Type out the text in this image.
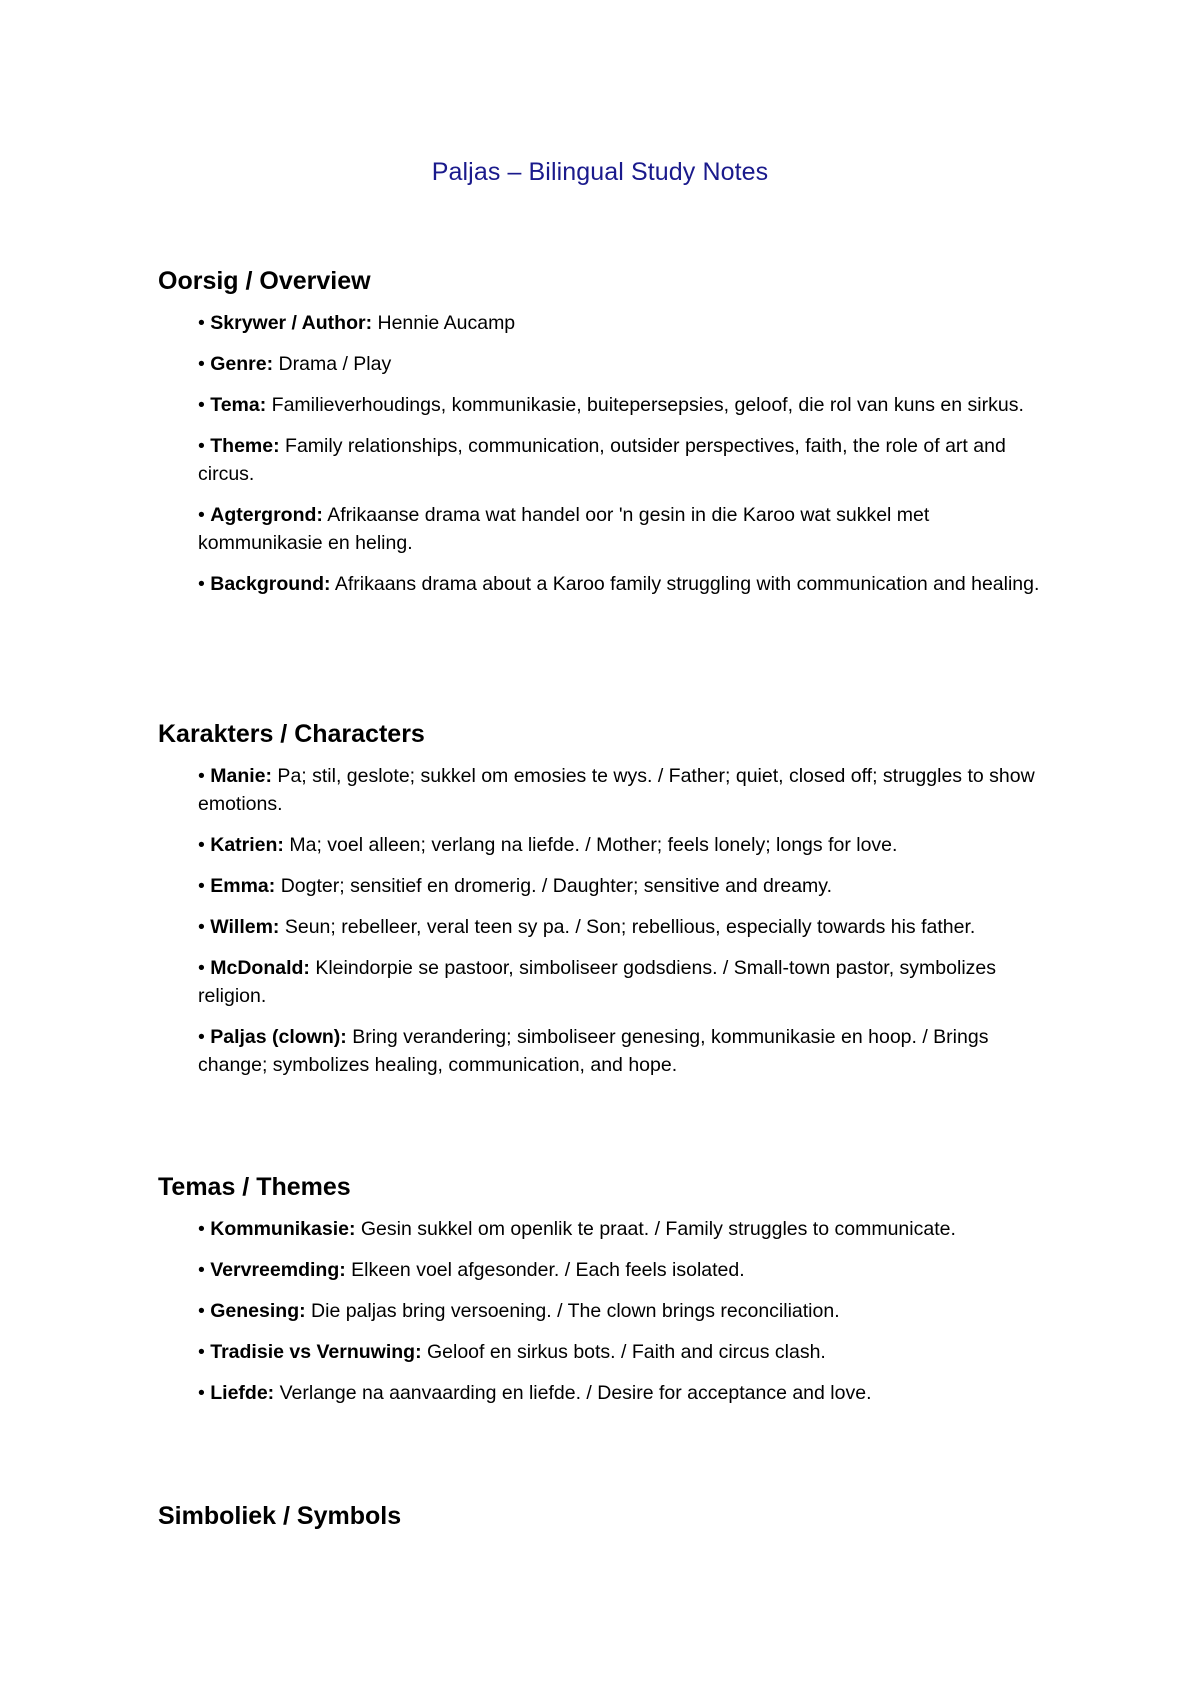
Paljas – Bilingual Study Notes
Oorsig / Overview
• Skrywer / Author: Hennie Aucamp
• Genre: Drama / Play
• Tema: Familieverhoudings, kommunikasie, buitepersepsies, geloof, die rol van kuns en sirkus.
• Theme: Family relationships, communication, outsider perspectives, faith, the role of art and circus.
• Agtergrond: Afrikaanse drama wat handel oor 'n gesin in die Karoo wat sukkel met kommunikasie en heling.
• Background: Afrikaans drama about a Karoo family struggling with communication and healing.
Karakters / Characters
• Manie: Pa; stil, geslote; sukkel om emosies te wys. / Father; quiet, closed off; struggles to show emotions.
• Katrien: Ma; voel alleen; verlang na liefde. / Mother; feels lonely; longs for love.
• Emma: Dogter; sensitief en dromerig. / Daughter; sensitive and dreamy.
• Willem: Seun; rebelleer, veral teen sy pa. / Son; rebellious, especially towards his father.
• McDonald: Kleindorpie se pastoor, simboliseer godsdiens. / Small-town pastor, symbolizes religion.
• Paljas (clown): Bring verandering; simboliseer genesing, kommunikasie en hoop. / Brings change; symbolizes healing, communication, and hope.
Temas / Themes
• Kommunikasie: Gesin sukkel om openlik te praat. / Family struggles to communicate.
• Vervreemding: Elkeen voel afgesonder. / Each feels isolated.
• Genesing: Die paljas bring versoening. / The clown brings reconciliation.
• Tradisie vs Vernuwing: Geloof en sirkus bots. / Faith and circus clash.
• Liefde: Verlange na aanvaarding en liefde. / Desire for acceptance and love.
Simboliek / Symbols
